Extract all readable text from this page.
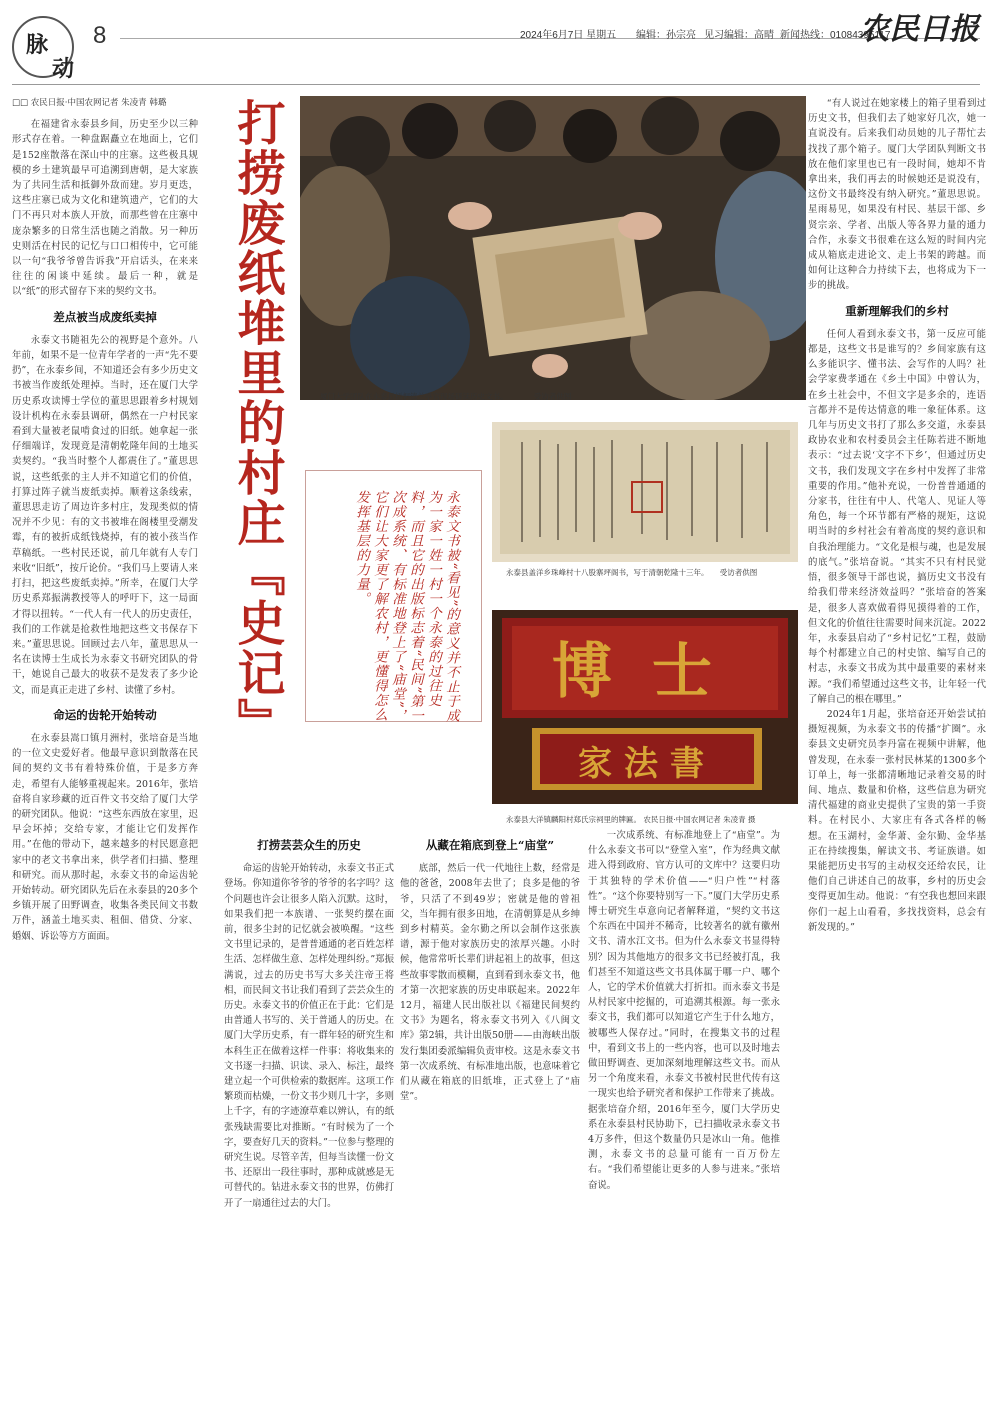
脉
动
8	2024年6月7日 星期五 编辑：孙宗亮 见习编辑：高晴 新闻热线：01084395117
农民日报

□□ 农民日报·中国农网记者 朱凌青 韩璐

在福建省永泰县乡间，历史至少以三种形式存在着。一种盘踞矗立在地面上，它们是152座散落在深山中的庄寨。这些极具规模的乡土建筑最早可追溯到唐朝，是大家族为了共同生活和抵御外敌而建。岁月更迭，这些庄寨已成为文化和建筑遗产，它们的大门不再只对本族人开放，而那些曾在庄寨中庞杂繁多的日常生活也随之消散。另一种历史则活在村民的记忆与口口相传中，它可能以一句“我爷爷曾告诉我”开启话头，在来来往往的闲谈中延续。最后一种，就是以“纸”的形式留存下来的契约文书。

差点被当成废纸卖掉

永泰文书随祖先公的视野是个意外。八年前，如果不是一位青年学者的一声“先不要扔”，在永泰乡间，不知道还会有多少历史文书被当作废纸处理掉。当时，还在厦门大学历史系攻读博士学位的董思思跟着乡村规划设计机构在永泰县调研，偶然在一户村民家看到大量被老鼠啃食过的旧纸。她拿起一张仔细端详，发现竟是清朝乾隆年间的土地买卖契约。“我当时整个人都震住了。”董思思说，这些纸张的主人并不知道它们的价值，打算过阵子就当废纸卖掉。顺着这条线索，董思思走访了周边许多村庄，发现类似的情况并不少见：有的文书被堆在阁楼里受潮发霉，有的被折成纸钱烧掉，有的被小孩当作草稿纸。一些村民还说，前几年就有人专门来收“旧纸”，按斤论价。“我们马上要请人来打扫，把这些废纸卖掉。”所幸，在厦门大学历史系郑振满教授等人的呼吁下，这一局面才得以扭转。“一代人有一代人的历史责任，我们的工作就是抢救性地把这些文书保存下来。”董思思说。回顾过去八年，董思思从一名在读博士生成长为永泰文书研究团队的骨干，她说自己最大的收获不是发表了多少论文，而是真正走进了乡村、读懂了乡村。

命运的齿轮开始转动

在永泰县嵩口镇月洲村，张培奋是当地的一位文史爱好者。他最早意识到散落在民间的契约文书有着特殊价值，于是多方奔走，希望有人能够重视起来。2016年，张培奋将自家珍藏的近百件文书交给了厦门大学的研究团队。他说：“这些东西放在家里，迟早会坏掉；交给专家，才能让它们发挥作用。”在他的带动下，越来越多的村民愿意把家中的老文书拿出来，供学者们扫描、整理和研究。而从那时起，永泰文书的命运齿轮开始转动。研究团队先后在永泰县的20多个乡镇开展了田野调查，收集各类民间文书数万件，涵盖土地买卖、租佃、借贷、分家、婚姻、诉讼等方方面面。

打捞废纸堆里的村庄『史记』	厦门大学团队在永泰县梧桐镇兰亭宫现场研读历史文书。　　　　受访者供图
永泰县盖洋乡珠峰村十八股寨坪阁书，写于清朝乾隆十三年。　　受访者供图
永泰文书被“看见”的意义并不止于成为一家一姓一村一个永泰的过往史料，而且它的出版标志着“民间”第一次成系统、有标准地登上了“庙堂”，它们让大家更了解农村，更懂得怎么发挥基层的力量。
博士
家法書
永泰县大洋镇麟阳村郑氏宗祠里的牌匾。 农民日报·中国农网记者 朱凌青 摄
打捞芸芸众生的历史

命运的齿轮开始转动，永泰文书正式登场。你知道你爷爷的爷爷的名字吗？这个问题也许会让很多人陷入沉默。这时，如果我们把一本族谱、一张契约摆在面前，很多尘封的记忆就会被唤醒。“这些文书里记录的，是普普通通的老百姓怎样生活、怎样做生意、怎样处理纠纷。”郑振满说，过去的历史书写大多关注帝王将相，而民间文书让我们看到了芸芸众生的历史。永泰文书的价值正在于此：它们是由普通人书写的、关于普通人的历史。在厦门大学历史系，有一群年轻的研究生和本科生正在做着这样一件事：将收集来的文书逐一扫描、识读、录入、标注，最终建立起一个可供检索的数据库。这项工作繁琐而枯燥，一份文书少则几十字，多则上千字，有的字迹潦草难以辨认，有的纸张残缺需要比对推断。“有时候为了一个字，要查好几天的资料。”一位参与整理的研究生说。尽管辛苦，但每当读懂一份文书、还原出一段往事时，那种成就感是无可替代的。钻进永泰文书的世界，仿佛打开了一扇通往过去的大门。

从藏在箱底到登上“庙堂”

底部，然后一代一代地往上数，经常是他的爸爸，2008年去世了；良多是他的爷爷，只活了不到49岁；密就是他的曾祖父，当年拥有很多田地，在清朝算是从乡绅到乡村精英。金尔勤之所以会制作这张族谱，源于他对家族历史的浓厚兴趣。小时候，他常常听长辈们讲起祖上的故事，但这些故事零散而模糊，直到看到永泰文书，他才第一次把家族的历史串联起来。2022年12月，福建人民出版社以《福建民间契约文书》为题名，将永泰文书列入《八闽文库》第2辑，共计出版50册——由海峡出版发行集团委派编辑负责审校。这是永泰文书第一次成系统、有标准地出版，也意味着它们从藏在箱底的旧纸堆，正式登上了“庙堂”。

一次成系统、有标准地登上了“庙堂”。为什么永泰文书可以“登堂入室”，作为经典文献进入得到政府、官方认可的文库中？这要归功于其独特的学术价值——“归户性”“村落性”。“这个你要特别写一下。”厦门大学历史系博士研究生卓意向记者解释道，“契约文书这个东西在中国并不稀奇，比较著名的就有徽州文书、清水江文书。但为什么永泰文书显得特别？因为其他地方的很多文书已经被打乱，我们甚至不知道这些文书具体属于哪一户、哪个人，它的学术价值就大打折扣。而永泰文书是从村民家中挖掘的，可追溯其根源。每一张永泰文书，我们都可以知道它产生于什么地方，被哪些人保存过。”同时，在搜集文书的过程中，看到文书上的一些内容，也可以及时地去做田野调查、更加深刻地理解这些文书。而从另一个角度来看，永泰文书被村民世代传有这一现实也给予研究者和保护工作带来了挑战。据张培奋介绍，2016年至今，厦门大学历史系在永泰县村民协助下，已扫描收录永泰文书4万多件，但这个数量仍只是冰山一角。他推测，永泰文书的总量可能有一百万份左右。“我们希望能让更多的人参与进来。”张培奋说。

“有人说过在她家楼上的箱子里看到过历史文书，但我们去了她家好几次，她一直说没有。后来我们动员她的儿子帮忙去找找了那个箱子。厦门大学团队判断文书放在他们家里也已有一段时间，她却不肯拿出来，我们再去的时候她还是说没有，这份文书最终没有纳入研究。”董思思说。星雨易见，如果没有村民、基层干部、乡贤宗亲、学者、出版人等各界力量的通力合作，永泰文书很难在这么短的时间内完成从箱底走进论文、走上书架的跨越。而如何让这种合力持续下去，也将成为下一步的挑战。

重新理解我们的乡村

任何人看到永泰文书，第一反应可能都是，这些文书是谁写的？乡间家族有这么多能识字、懂书法、会写作的人吗？社会学家费孝通在《乡土中国》中曾认为，在乡土社会中，不但文字是多余的，连语言都并不是传达情意的唯一象征体系。这几年与历史文书打了那么多交道，永泰县政协农业和农村委员会主任陈若进不断地表示：“过去说‘文字不下乡’，但通过历史文书，我们发现文字在乡村中发挥了非常重要的作用。”他补充说，一份普普通通的分家书，往往有中人、代笔人、见证人等角色，每一个环节都有严格的规矩，这说明当时的乡村社会有着高度的契约意识和自我治理能力。“文化是根与魂，也是发展的底气。”张培奋说。“其实不只有村民觉悟，很多领导干部也说，搞历史文书没有给我们带来经济效益吗？”张培奋的答案是，很多人喜欢做看得见摸得着的工作，但文化的价值往往需要时间来沉淀。2022年，永泰县启动了“乡村记忆”工程，鼓励每个村都建立自己的村史馆、编写自己的村志，永泰文书成为其中最重要的素材来源。“我们希望通过这些文书，让年轻一代了解自己的根在哪里。”

2024年1月起，张培奋还开始尝试拍摄短视频，为永泰文书的传播“扩圈”。永泰县文史研究员李丹富在视频中讲解，他曾发现，在永泰一张村民林某的1300多个订单上，每一张都清晰地记录着交易的时间、地点、数量和价格，这些信息为研究清代福建的商业史提供了宝贵的第一手资料。在村民小、大家庄有各式各样的畅想。在玉湖村，金华萧、金尔勤、金华基正在持续搜集，解读文书、考证族谱。如果能把历史书写的主动权交还给农民，让他们自己讲述自己的故事，乡村的历史会变得更加生动。他说：“有空我也想回来跟你们一起上山看看，多找找资料，总会有新发现的。”
